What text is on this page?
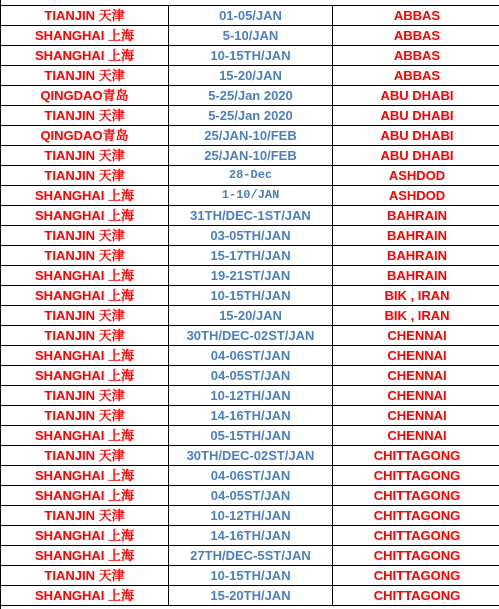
TIANJIN 天津	01-05/JAN	ABBAS
SHANGHAI 上海	5-10/JAN	ABBAS
SHANGHAI 上海	10-15TH/JAN	ABBAS
TIANJIN 天津	15-20/JAN	ABBAS
QINGDAO青岛	5-25/Jan 2020	ABU DHABI
TIANJIN 天津	5-25/Jan 2020	ABU DHABI
QINGDAO青岛	25/JAN-10/FEB	ABU DHABI
TIANJIN 天津	25/JAN-10/FEB	ABU DHABI
TIANJIN 天津	28-Dec	ASHDOD
SHANGHAI 上海	1-10/JAN	ASHDOD
SHANGHAI 上海	31TH/DEC-1ST/JAN	BAHRAIN
TIANJIN 天津	03-05TH/JAN	BAHRAIN
TIANJIN 天津	15-17TH/JAN	BAHRAIN
SHANGHAI 上海	19-21ST/JAN	BAHRAIN
SHANGHAI 上海	10-15TH/JAN	BIK , IRAN
TIANJIN 天津	15-20/JAN	BIK , IRAN
TIANJIN 天津	30TH/DEC-02ST/JAN	CHENNAI
SHANGHAI 上海	04-06ST/JAN	CHENNAI
SHANGHAI 上海	04-05ST/JAN	CHENNAI
TIANJIN 天津	10-12TH/JAN	CHENNAI
TIANJIN 天津	14-16TH/JAN	CHENNAI
SHANGHAI 上海	05-15TH/JAN	CHENNAI
TIANJIN 天津	30TH/DEC-02ST/JAN	CHITTAGONG
SHANGHAI 上海	04-06ST/JAN	CHITTAGONG
SHANGHAI 上海	04-05ST/JAN	CHITTAGONG
TIANJIN 天津	10-12TH/JAN	CHITTAGONG
SHANGHAI 上海	14-16TH/JAN	CHITTAGONG
SHANGHAI 上海	27TH/DEC-5ST/JAN	CHITTAGONG
TIANJIN 天津	10-15TH/JAN	CHITTAGONG
SHANGHAI 上海	15-20TH/JAN	CHITTAGONG
